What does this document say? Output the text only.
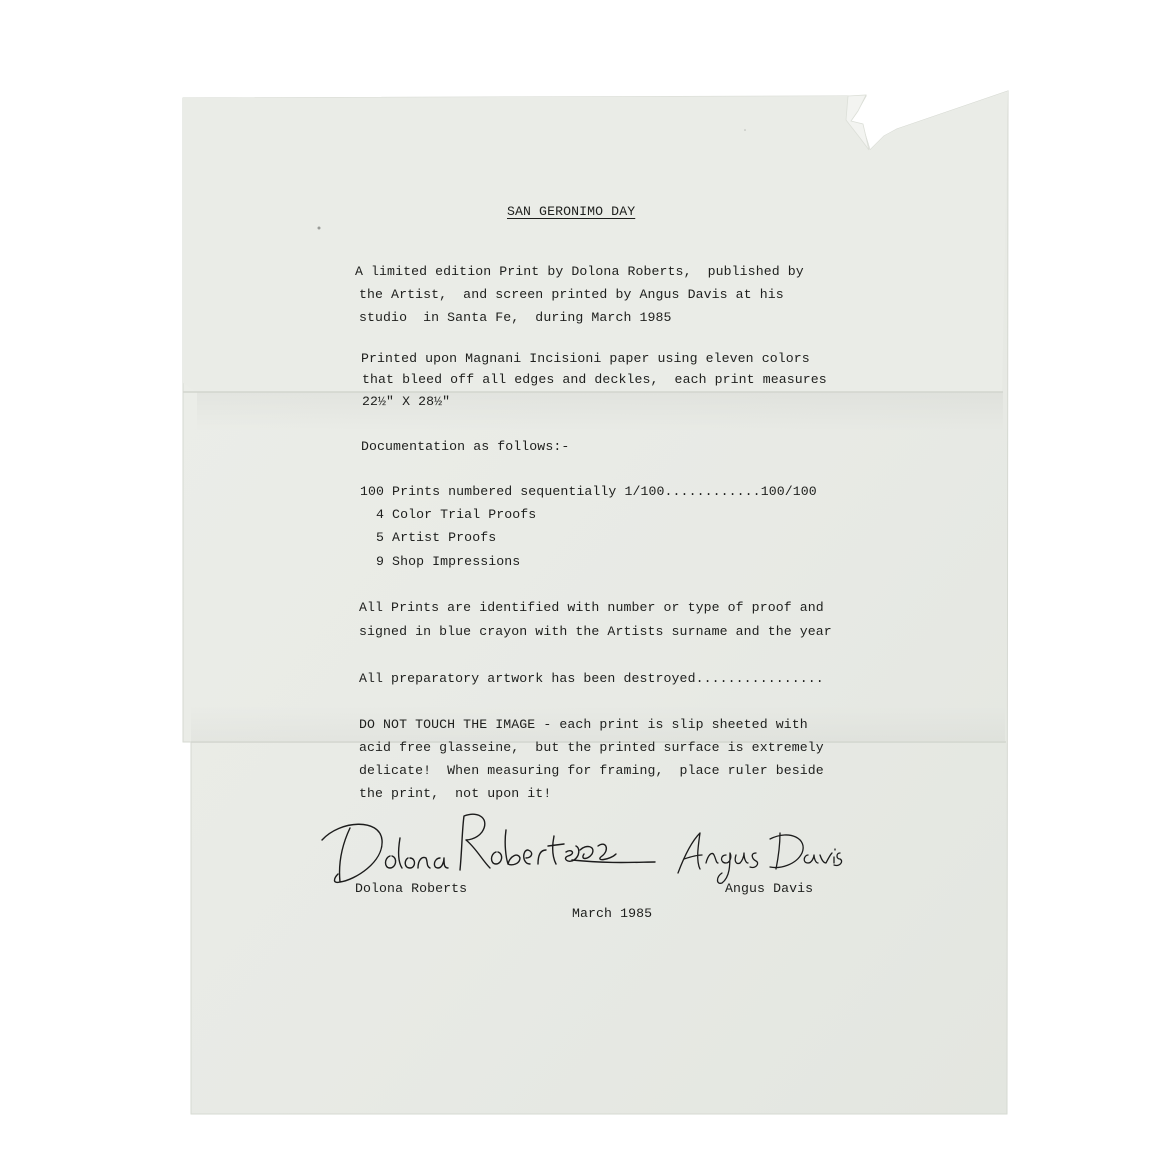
SAN GERONIMO DAY
A limited edition Print by Dolona Roberts,  published by
the Artist,  and screen printed by Angus Davis at his
studio  in Santa Fe,  during March 1985
Printed upon Magnani Incisioni paper using eleven colors
that bleed off all edges and deckles,  each print measures
22½" X 28½"
Documentation as follows:-
100 Prints numbered sequentially 1/100............100/100
4 Color Trial Proofs
5 Artist Proofs
9 Shop Impressions
All Prints are identified with number or type of proof and
signed in blue crayon with the Artists surname and the year
All preparatory artwork has been destroyed................
DO NOT TOUCH THE IMAGE - each print is slip sheeted with
acid free glasseine,  but the printed surface is extremely
delicate!  When measuring for framing,  place ruler beside
the print,  not upon it!
Dolona Roberts	Angus Davis
March 1985
